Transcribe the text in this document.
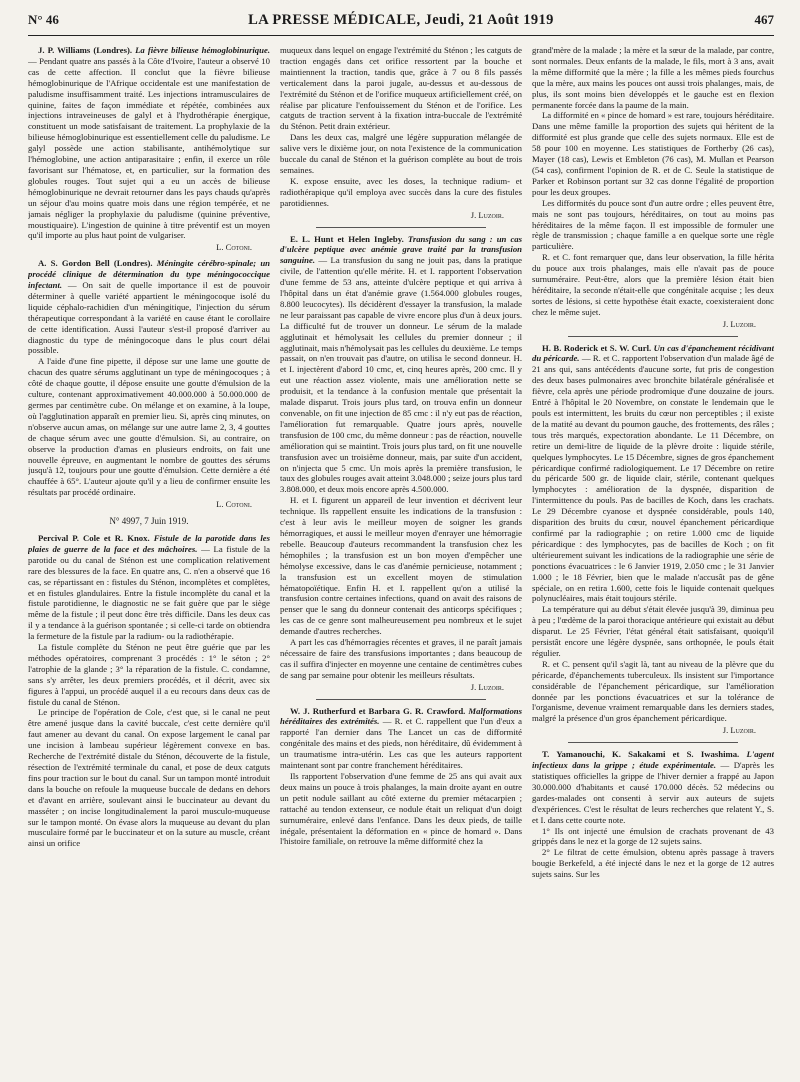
N° 46	LA PRESSE MÉDICALE, Jeudi, 21 Août 1919	467

J. P. Williams (Londres). La fièvre bilieuse hémoglobinurique. — Pendant quatre ans passés à la Côte d'Ivoire, l'auteur a observé 10 cas de cette affection. Il conclut que la fièvre bilieuse hémoglobinurique de l'Afrique occidentale est une manifestation de paludisme insuffisamment traité. Les injections intramusculaires de quinine, faites de façon immédiate et répétée, combinées aux injections intraveineuses de galyl et à l'hydrothérapie énergique, constituent un mode satisfaisant de traitement. La prophylaxie de la bilieuse hémoglobinurique est essentiellement celle du paludisme. Le galyl possède une action stabilisante, antihémolytique sur l'hémoglobine, une action antiparasitaire ; enfin, il exerce un rôle favorisant sur l'hématose, et, en particulier, sur la formation des globules rouges. Tout sujet qui a eu un accès de bilieuse hémoglobinurique ne devrait retourner dans les pays chauds qu'après un séjour d'au moins quatre mois dans une région tempérée, et ne jamais négliger la prophylaxie du paludisme (quinine préventive, moustiquaire). L'ingestion de quinine à titre préventif est un moyen qu'il importe au plus haut point de vulgariser.

L. Cotoni.

A. S. Gordon Bell (Londres). Méningite cérébro-spinale; un procédé clinique de détermination du type méningococcique infectant. — On sait de quelle importance il est de pouvoir déterminer à quelle variété appartient le méningocoque isolé du liquide céphalo-rachidien d'un méningitique, l'injection du sérum thérapeutique correspondant à la variété en cause étant le corollaire de cette identification. Aussi l'auteur s'est-il proposé d'arriver au diagnostic du type de méningocoque dans le plus court délai possible.

A l'aide d'une fine pipette, il dépose sur une lame une goutte de chacun des quatre sérums agglutinant un type de méningocoques ; à côté de chaque goutte, il dépose ensuite une goutte d'émulsion de la culture, contenant approximativement 40.000.000 à 50.000.000 de germes par centimètre cube. On mélange et on examine, à la loupe, où l'agglutination apparaît en premier lieu. Si, après cinq minutes, on n'observe aucun amas, on mélange sur une autre lame 2, 3, 4 gouttes de chaque sérum avec une goutte d'émulsion. Si, au contraire, on observe la production d'amas en plusieurs endroits, on fait une nouvelle épreuve, en augmentant le nombre de gouttes des sérums jusqu'à 12, toujours pour une goutte d'émulsion. Cette dernière a été chauffée à 65°. L'auteur ajoute qu'il y a lieu de confirmer ensuite les résultats par procédé ordinaire.

L. Cotoni.
N° 4997, 7 Juin 1919.

Percival P. Cole et R. Knox. Fistule de la parotide dans les plaies de guerre de la face et des mâchoires. — La fistule de la parotide ou du canal de Sténon est une complication relativement rare des blessures de la face. En quatre ans, C. n'en a observé que 16 cas, se répartissant en : fistules du Sténon, incomplètes et complètes, et en fistules glandulaires. Entre la fistule incomplète du canal et la fistule parotidienne, le diagnostic ne se fait guère que par le siège même de la fistule ; il peut donc être très difficile. Dans les deux cas il y a tendance à la guérison spontanée ; si celle-ci tarde on obtiendra la fermeture de la fistule par la radium- ou la radiothérapie.

La fistule complète du Sténon ne peut être guérie que par les méthodes opératoires, comprenant 3 procédés : 1° le séton ; 2° l'atrophie de la glande ; 3° la réparation de la fistule. C. condamne, sans s'y arrêter, les deux premiers procédés, et il décrit, avec six figures à l'appui, un procédé auquel il a eu recours dans deux cas de fistule du canal de Sténon.

Le principe de l'opération de Cole, c'est que, si le canal ne peut être amené jusque dans la cavité buccale, c'est cette dernière qu'il faut amener au devant du canal. On expose largement le canal par une incision à lambeau supérieur légèrement convexe en bas. Recherche de l'extrémité distale du Sténon, découverte de la fistule, résection de l'extrémité terminale du canal, et pose de deux catguts fins pour traction sur le bout du canal. Sur un tampon monté introduit dans la bouche on refoule la muqueuse buccale de dedans en dehors et d'avant en arrière, soulevant ainsi le buccinateur au devant du masséter ; on incise longitudinalement la paroi musculo-muqueuse sur le tampon monté. On évase alors la muqueuse au devant du plan musculaire formé par le buccinateur et on la suture au muscle, créant ainsi un orifice

muqueux dans lequel on engage l'extrémité du Sténon ; les catguts de traction engagés dans cet orifice ressortent par la bouche et maintiennent la traction, tandis que, grâce à 7 ou 8 fils passés verticalement dans la paroi jugale, au-dessus et au-dessous de l'extrémité du Sténon et de l'orifice muqueux artificiellement créé, on réalise par plicature l'enfouissement du Sténon et de l'orifice. Les catguts de traction servent à la fixation intra-buccale de l'extrémité du Sténon. Petit drain extérieur.

Dans les deux cas, malgré une légère suppuration mélangée de salive vers le dixième jour, on nota l'existence de la communication buccale du canal de Sténon et la guérison complète au bout de trois semaines.

K. expose ensuite, avec les doses, la technique radium- et radiothérapique qu'il employa avec succès dans la cure des fistules parotidiennes.

J. Luzoir.

E. L. Hunt et Helen Ingleby. Transfusion du sang : un cas d'ulcère peptique avec anémie grave traité par la transfusion sanguine. — La transfusion du sang ne jouit pas, dans la pratique civile, de l'attention qu'elle mérite. H. et I. rapportent l'observation d'une femme de 53 ans, atteinte d'ulcère peptique et qui arriva à l'hôpital dans un état d'anémie grave (1.564.000 globules rouges, 8.800 leucocytes). Ils décidèrent d'essayer la transfusion, la malade ne leur paraissant pas capable de vivre encore plus d'un à deux jours. La difficulté fut de trouver un donneur. Le sérum de la malade agglutinait et hémolysait les cellules du premier donneur ; il agglutinait, mais n'hémolysait pas les cellules du deuxième. Le temps passait, on n'en trouvait pas d'autre, on utilisa le second donneur. H. et I. injectèrent d'abord 10 cmc, et, cinq heures après, 200 cmc. Il y eut une réaction assez violente, mais une amélioration nette se produisit, et la tendance à la confusion mentale que présentait la malade disparut. Trois jours plus tard, on trouva enfin un donneur convenable, on fit une injection de 85 cmc : il n'y eut pas de réaction, l'amélioration fut remarquable. Quatre jours après, nouvelle transfusion de 100 cmc, du même donneur : pas de réaction, nouvelle amélioration qui se maintint. Trois jours plus tard, on fit une nouvelle transfusion avec un troisième donneur, mais, par suite d'un accident, on n'injecta que 5 cmc. Un mois après la première transfusion, le taux des globules rouges avait atteint 3.048.000 ; seize jours plus tard 3.808.000, et deux mois encore après 4.500.000.

H. et I. figurent un appareil de leur invention et décrivent leur technique. Ils rappellent ensuite les indications de la transfusion : c'est à leur avis le meilleur moyen de soigner les grands hémorragiques, et aussi le meilleur moyen d'enrayer une hémorragie rebelle. Beaucoup d'auteurs recommandent la transfusion chez les hémophiles ; la transfusion est un bon moyen d'empêcher une hémolyse excessive, dans le cas d'anémie pernicieuse, notamment ; la transfusion est un excellent moyen de stimulation hématopoïétique. Enfin H. et I. rappellent qu'on a utilisé la transfusion contre certaines infections, quand on avait des raisons de penser que le sang du donneur contenait des anticorps spécifiques ; les cas de ce genre sont malheureusement peu nombreux et le sujet demande d'autres recherches.

A part les cas d'hémorragies récentes et graves, il ne paraît jamais nécessaire de faire des transfusions importantes ; dans beaucoup de cas il suffira d'injecter en moyenne une centaine de centimètres cubes de sang par semaine pour obtenir les meilleurs résultats.

J. Luzoir.

W. J. Rutherfurd et Barbara G. R. Crawford. Malformations héréditaires des extrémités. — R. et C. rappellent que l'un d'eux a rapporté l'an dernier dans The Lancet un cas de difformité congénitale des mains et des pieds, non héréditaire, dû évidemment à un traumatisme intra-utérin. Les cas que les auteurs rapportent maintenant sont par contre franchement héréditaires.

Ils rapportent l'observation d'une femme de 25 ans qui avait aux deux mains un pouce à trois phalanges, la main droite ayant en outre un petit nodule saillant au côté externe du premier métacarpien ; rattaché au tendon extenseur, ce nodule était un reliquat d'un doigt surnuméraire, enlevé dans l'enfance. Dans les deux pieds, de taille inégale, présentaient la déformation en « pince de homard ». Dans l'histoire familiale, on retrouve la même difformité chez la

grand'mère de la malade ; la mère et la sœur de la malade, par contre, sont normales. Deux enfants de la malade, le fils, mort à 3 ans, avait la même difformité que la mère ; la fille a les mêmes pieds fourchus que la mère, aux mains les pouces ont aussi trois phalanges, mais, de plus, ils sont moins bien développés et le gauche est en flexion permanente forcée dans la paume de la main.

La difformité en « pince de homard » est rare, toujours héréditaire. Dans une même famille la proportion des sujets qui héritent de la difformité est plus grande que celle des sujets normaux. Elle est de 58 pour 100 en moyenne. Les statistiques de Fortherby (26 cas), Mayer (18 cas), Lewis et Embleton (76 cas), M. Mullan et Pearson (54 cas), confirment l'opinion de R. et de C. Seule la statistique de Parker et Robinson portant sur 32 cas donne l'égalité de proportion pour les deux groupes.

Les difformités du pouce sont d'un autre ordre ; elles peuvent être, mais ne sont pas toujours, héréditaires, on tout au moins pas héréditaires de la même façon. Il est impossible de formuler une règle de transmission ; chaque famille a en quelque sorte une règle particulière.

R. et C. font remarquer que, dans leur observation, la fille hérita du pouce aux trois phalanges, mais elle n'avait pas de pouce surnuméraire. Peut-être, alors que la première lésion était bien héréditaire, la seconde n'était-elle que congénitale acquise ; les deux sortes de lésions, si cette hypothèse était exacte, coexisteraient donc chez le même sujet.

J. Luzoir.

H. B. Roderick et S. W. Curl. Un cas d'épanchement récidivant du péricarde. — R. et C. rapportent l'observation d'un malade âgé de 21 ans qui, sans antécédents d'aucune sorte, fut pris de congestion des deux bases pulmonaires avec bronchite bilatérale généralisée et fièvre, cela après une période prodromique d'une douzaine de jours. Entré à l'hôpital le 20 Novembre, on constate le lendemain que le pouls est intermittent, les bruits du cœur non perceptibles ; il existe de la matité au devant du poumon gauche, des frottements, des râles ; tous très marqués, expectoration abondante. Le 11 Décembre, on retire un demi-litre de liquide de la plèvre droite : liquide stérile, quelques lymphocytes. Le 15 Décembre, signes de gros épanchement péricardique confirmé radiologiquement. Le 17 Décembre on retire du péricarde 500 gr. de liquide clair, stérile, contenant quelques lymphocytes : amélioration de la dyspnée, disparition de l'intermittence du pouls. Pas de bacilles de Koch, dans les crachats. Le 29 Décembre cyanose et dyspnée considérable, pouls 140, disparition des bruits du cœur, nouvel épanchement péricardique confirmé par la radiographie ; on retire 1.000 cmc de liquide péricardique : des lymphocytes, pas de bacilles de Koch ; on fit ultérieurement suivant les indications de la radiographie une série de ponctions évacuatrices : le 6 Janvier 1919, 2.050 cmc ; le 31 Janvier 1.000 ; le 18 Février, bien que le malade n'accusât pas de gêne spéciale, on en retira 1.600, cette fois le liquide contenait quelques polynucléaires, mais était toujours stérile.

La température qui au début s'était élevée jusqu'à 39, diminua peu à peu ; l'œdème de la paroi thoracique antérieure qui existait au début disparut. Le 25 Février, l'état général était satisfaisant, quoiqu'il persistât encore une légère dyspnée, sans orthopnée, le pouls était régulier.

R. et C. pensent qu'il s'agit là, tant au niveau de la plèvre que du péricarde, d'épanchements tuberculeux. Ils insistent sur l'importance considérable de l'épanchement péricardique, sur l'amélioration donnée par les ponctions évacuatrices et sur la tolérance de l'organisme, devenue vraiment remarquable dans les derniers stades, malgré la présence d'un gros épanchement péricardique.

J. Luzoir.

T. Yamanouchi, K. Sakakami et S. Iwashima. L'agent infectieux dans la grippe ; étude expérimentale. — D'après les statistiques officielles la grippe de l'hiver dernier a frappé au Japon 30.000.000 d'habitants et causé 170.000 décès. 52 médecins ou gardes-malades ont consenti à servir aux auteurs de sujets d'expériences. C'est le résultat de leurs recherches que relatent Y., S. et I. dans cette courte note.

1° Ils ont injecté une émulsion de crachats provenant de 43 grippés dans le nez et la gorge de 12 sujets sains.

2° Le filtrat de cette émulsion, obtenu après passage à travers bougie Berkefeld, a été injecté dans le nez et la gorge de 12 autres sujets sains. Sur les
